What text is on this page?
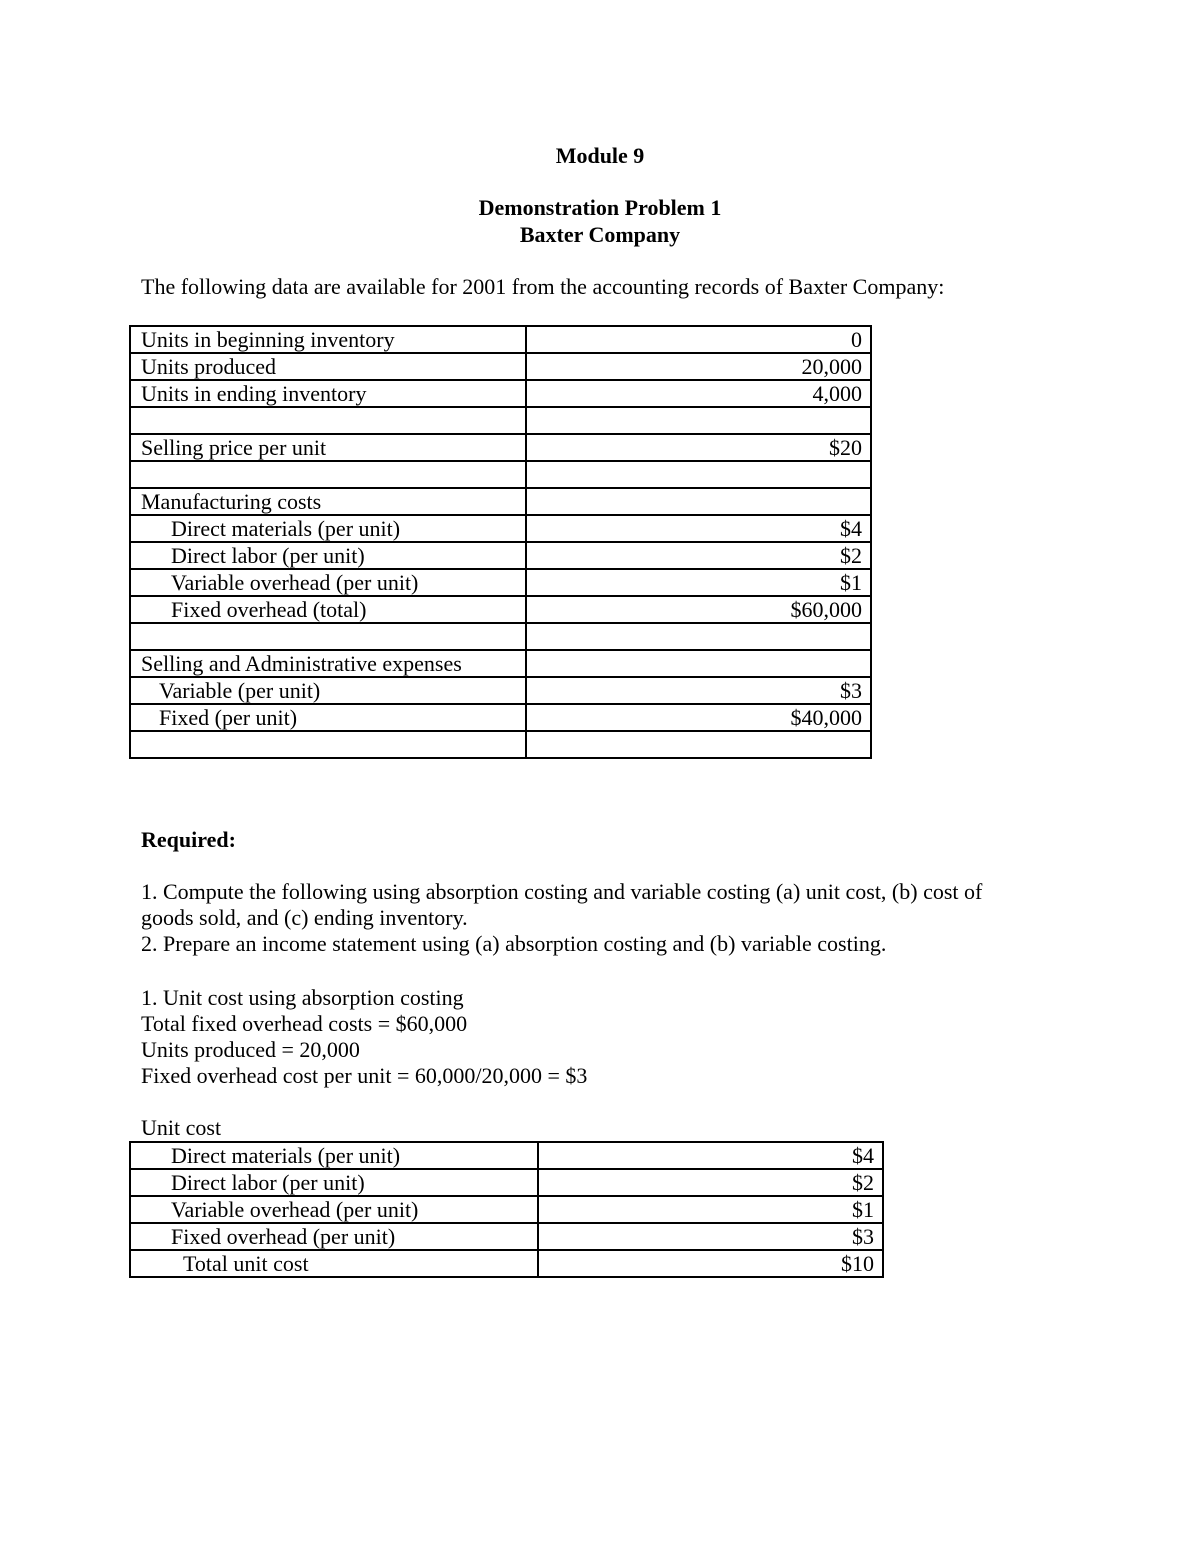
Module 9
Demonstration Problem 1
Baxter Company
The following data are available for 2001 from the accounting records of Baxter Company:
Units in beginning inventory	0
Units produced	20,000
Units in ending inventory	4,000

Selling price per unit	$20

Manufacturing costs	
Direct materials (per unit)	$4
Direct labor (per unit)	$2
Variable overhead (per unit)	$1
Fixed overhead (total)	$60,000

Selling and Administrative expenses	
Variable (per unit)	$3
Fixed (per unit)	$40,000

Required:
1. Compute the following using absorption costing and variable costing (a) unit cost, (b) cost of
goods sold, and (c) ending inventory.
2. Prepare an income statement using (a) absorption costing and (b) variable costing.
1. Unit cost using absorption costing
Total fixed overhead costs = $60,000
Units produced = 20,000
Fixed overhead cost per unit = 60,000/20,000 = $3
Unit cost
Direct materials (per unit)	$4
Direct labor (per unit)	$2
Variable overhead (per unit)	$1
Fixed overhead (per unit)	$3
Total unit cost	$10
